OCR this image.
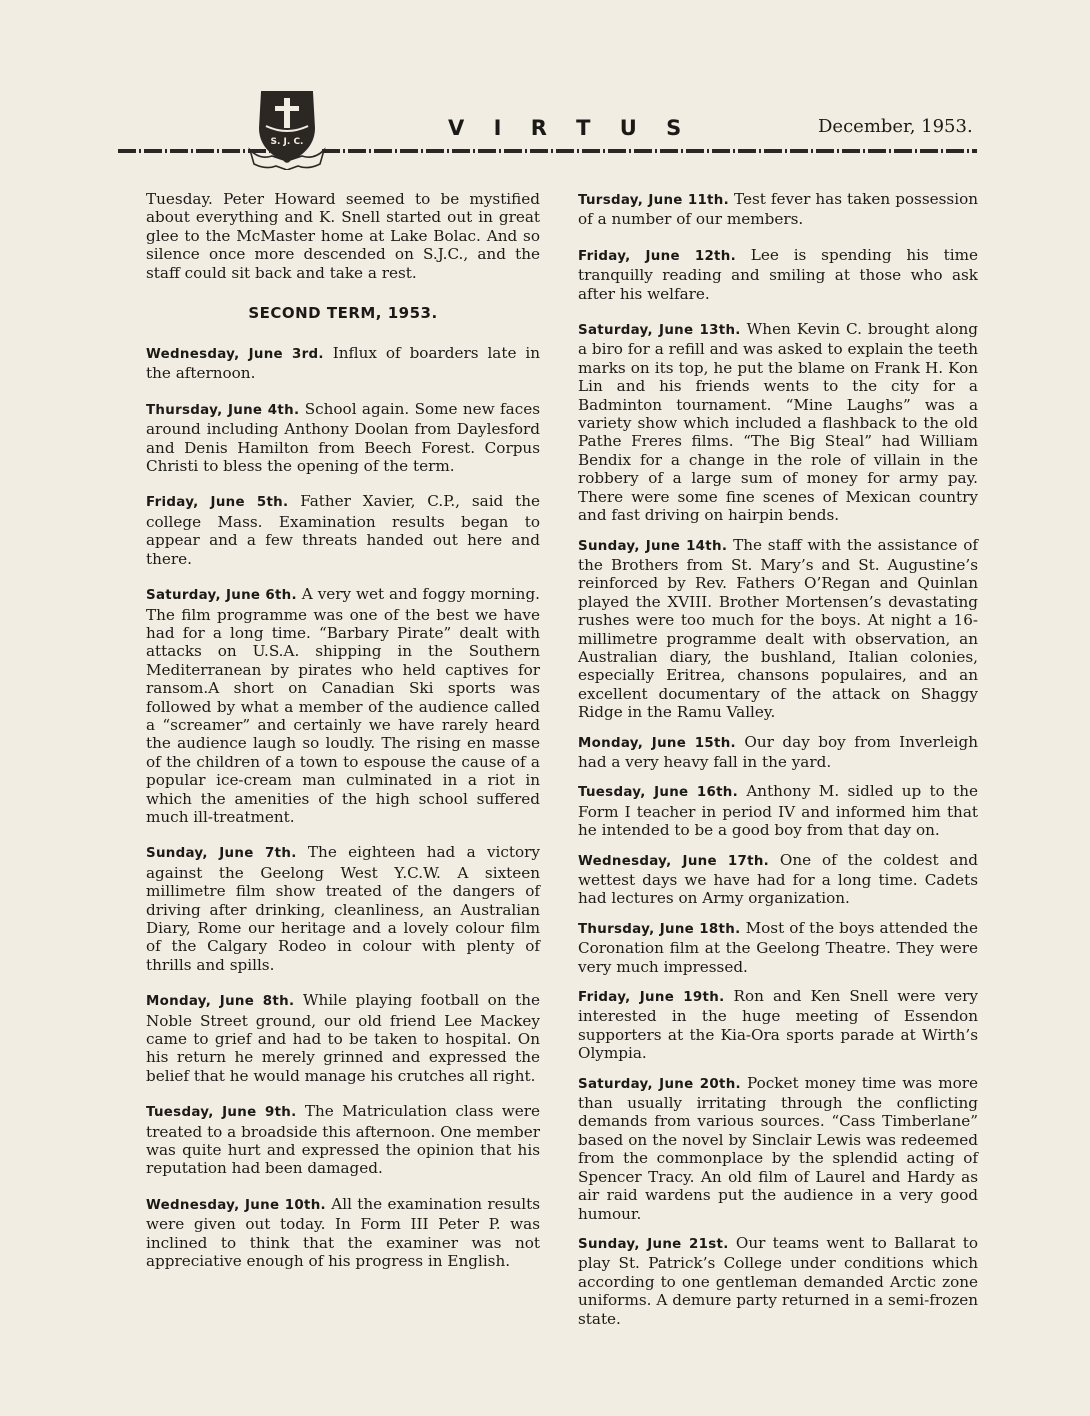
S. J. C.
V I R T U S	December, 1953.

Tuesday. Peter Howard seemed to be mystified about everything and K. Snell started out in great glee to the McMaster home at Lake Bolac. And so silence once more descended on S.J.C., and the staff could sit back and take a rest.

SECOND TERM, 1953.

Wednesday, June 3rd. Influx of boarders late in the afternoon.

Thursday, June 4th. School again. Some new faces around including Anthony Doolan from Daylesford and Denis Hamilton from Beech Forest. Corpus Christi to bless the opening of the term.

Friday, June 5th. Father Xavier, C.P., said the college Mass. Examination results began to appear and a few threats handed out here and there.

Saturday, June 6th. A very wet and foggy morning. The film programme was one of the best we have had for a long time. “Barbary Pirate” dealt with attacks on U.S.A. shipping in the Southern Mediterranean by pirates who held captives for ransom.A short on Canadian Ski sports was followed by what a member of the audience called a “screamer” and certainly we have rarely heard the audience laugh so loudly. The rising en masse of the children of a town to espouse the cause of a popular ice-cream man culminated in a riot in which the amenities of the high school suffered much ill-treatment.

Sunday, June 7th. The eighteen had a victory against the Geelong West Y.C.W. A sixteen millimetre film show treated of the dangers of driving after drinking, cleanliness, an Australian Diary, Rome our heritage and a lovely colour film of the Calgary Rodeo in colour with plenty of thrills and spills.

Monday, June 8th. While playing football on the Noble Street ground, our old friend Lee Mackey came to grief and had to be taken to hospital. On his return he merely grinned and expressed the belief that he would manage his crutches all right.

Tuesday, June 9th. The Matriculation class were treated to a broadside this afternoon. One member was quite hurt and expressed the opinion that his reputation had been damaged.

Wednesday, June 10th. All the examination results were given out today. In Form III Peter P. was inclined to think that the examiner was not appreciative enough of his progress in English.

Tursday, June 11th. Test fever has taken possession of a number of our members.

Friday, June 12th. Lee is spending his time tranquilly reading and smiling at those who ask after his welfare.

Saturday, June 13th. When Kevin C. brought along a biro for a refill and was asked to explain the teeth marks on its top, he put the blame on Frank H. Kon Lin and his friends wents to the city for a Badminton tournament. “Mine Laughs” was a variety show which included a flashback to the old Pathe Freres films. “The Big Steal” had William Bendix for a change in the role of villain in the robbery of a large sum of money for army pay. There were some fine scenes of Mexican country and fast driving on hairpin bends.

Sunday, June 14th. The staff with the assistance of the Brothers from St. Mary’s and St. Augustine’s reinforced by Rev. Fathers O’Regan and Quinlan played the XVIII. Brother Mortensen’s devastating rushes were too much for the boys. At night a 16-millimetre programme dealt with observation, an Australian diary, the bushland, Italian colonies, especially Eritrea, chansons populaires, and an excellent documentary of the attack on Shaggy Ridge in the Ramu Valley.

Monday, June 15th. Our day boy from Inverleigh had a very heavy fall in the yard.

Tuesday, June 16th. Anthony M. sidled up to the Form I teacher in period IV and informed him that he intended to be a good boy from that day on.

Wednesday, June 17th. One of the coldest and wettest days we have had for a long time. Cadets had lectures on Army organization.

Thursday, June 18th. Most of the boys attended the Coronation film at the Geelong Theatre. They were very much impressed.

Friday, June 19th. Ron and Ken Snell were very interested in the huge meeting of Essendon supporters at the Kia-Ora sports parade at Wirth’s Olympia.

Saturday, June 20th. Pocket money time was more than usually irritating through the conflicting demands from various sources. “Cass Timberlane” based on the novel by Sinclair Lewis was redeemed from the commonplace by the splendid acting of Spencer Tracy. An old film of Laurel and Hardy as air raid wardens put the audience in a very good humour.

Sunday, June 21st. Our teams went to Ballarat to play St. Patrick’s College under conditions which according to one gentleman demanded Arctic zone uniforms. A demure party returned in a semi-frozen state.
